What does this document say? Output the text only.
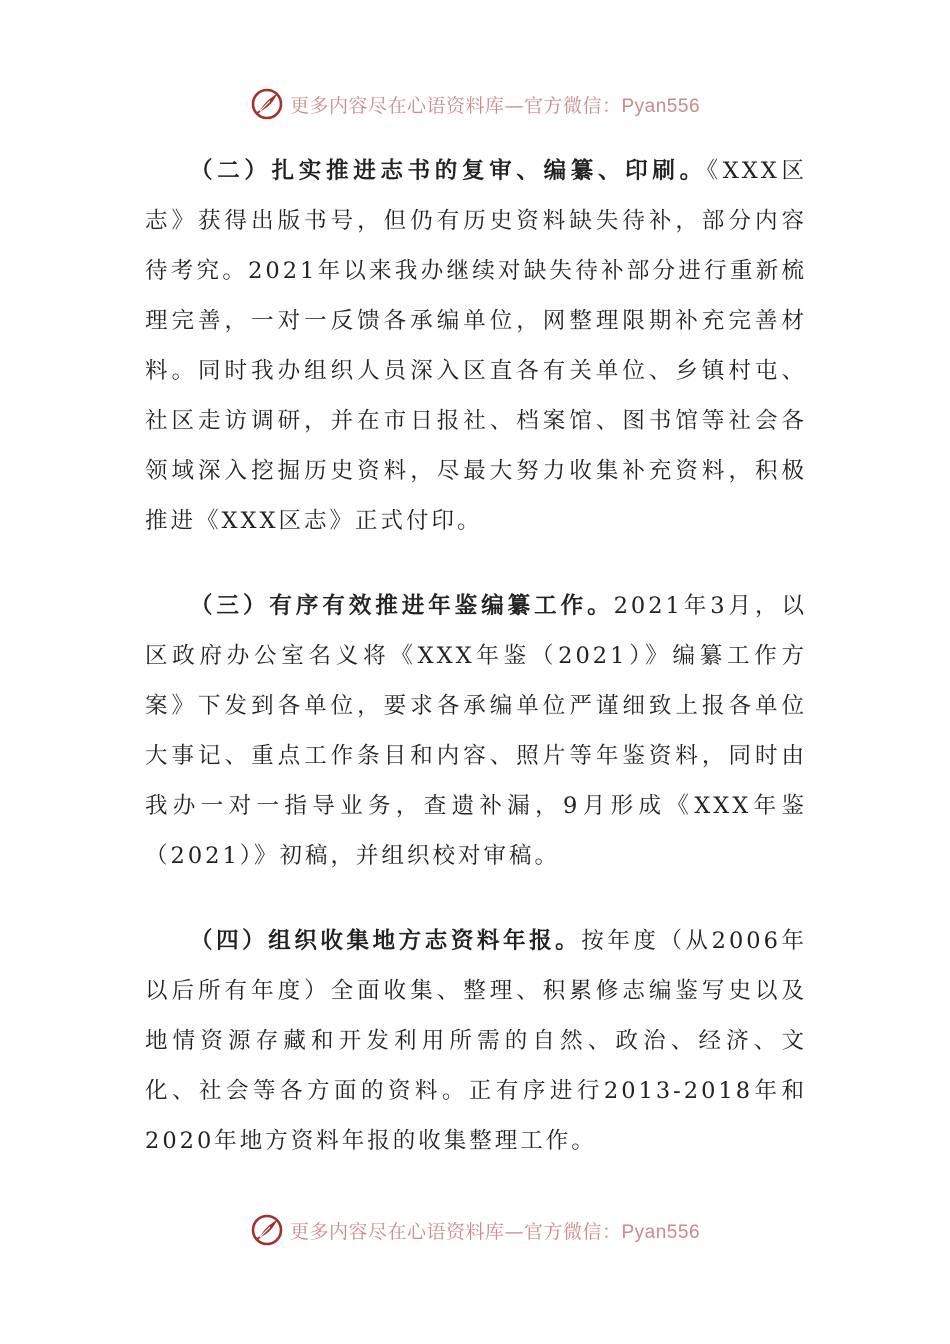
更多内容尽在心语资料库—官方微信：Pyan556

（二）扎实推进志书的复审、编纂、印刷。《XXX区志》获得出版书号，但仍有历史资料缺失待补，部分内容待考究。2021年以来我办继续对缺失待补部分进行重新梳理完善，一对一反馈各承编单位，网整理限期补充完善材料。同时我办组织人员深入区直各有关单位、乡镇村屯、社区走访调研，并在市日报社、档案馆、图书馆等社会各领域深入挖掘历史资料，尽最大努力收集补充资料，积极推进《XXX区志》正式付印。

（三）有序有效推进年鉴编纂工作。2021年3月，以区政府办公室名义将《XXX年鉴（2021）》编纂工作方案》下发到各单位，要求各承编单位严谨细致上报各单位大事记、重点工作条目和内容、照片等年鉴资料，同时由我办一对一指导业务，查遗补漏，9月形成《XXX年鉴（2021）》初稿，并组织校对审稿。

（四）组织收集地方志资料年报。按年度（从2006年以后所有年度）全面收集、整理、积累修志编鉴写史以及地情资源存藏和开发利用所需的自然、政治、经济、文化、社会等各方面的资料。正有序进行2013-2018年和2020年地方资料年报的收集整理工作。

更多内容尽在心语资料库—官方微信：Pyan556
